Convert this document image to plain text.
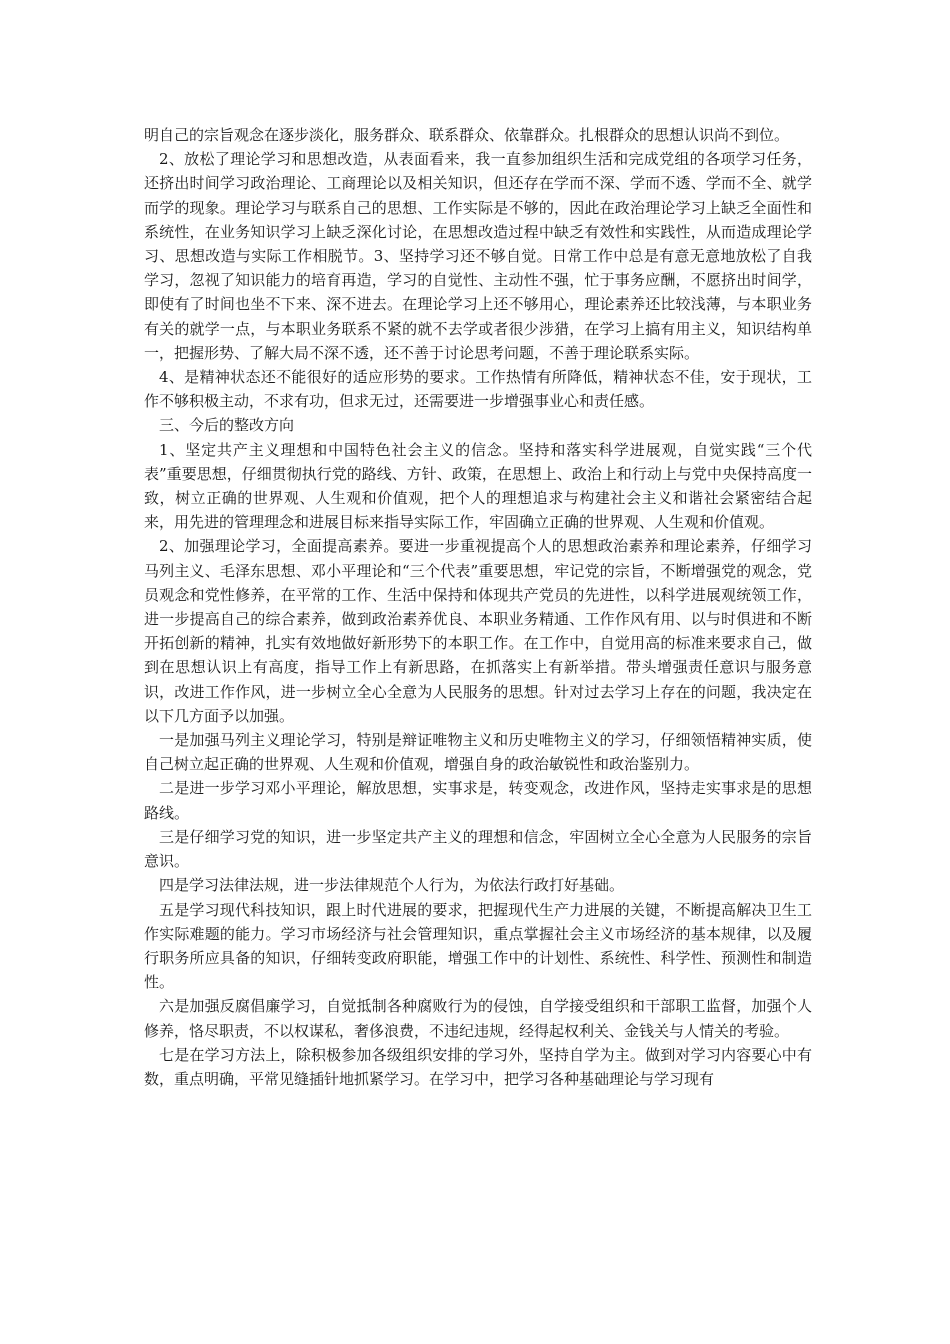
明自己的宗旨观念在逐步淡化，服务群众、联系群众、依靠群众。扎根群众的思想认识尚不到位。

2、放松了理论学习和思想改造，从表面看来，我一直参加组织生活和完成党组的各项学习任务，还挤出时间学习政治理论、工商理论以及相关知识，但还存在学而不深、学而不透、学而不全、就学而学的现象。理论学习与联系自己的思想、工作实际是不够的，因此在政治理论学习上缺乏全面性和系统性，在业务知识学习上缺乏深化讨论，在思想改造过程中缺乏有效性和实践性，从而造成理论学习、思想改造与实际工作相脱节。3、坚持学习还不够自觉。日常工作中总是有意无意地放松了自我学习，忽视了知识能力的培育再造，学习的自觉性、主动性不强，忙于事务应酬，不愿挤出时间学，即使有了时间也坐不下来、深不进去。在理论学习上还不够用心，理论素养还比较浅薄，与本职业务有关的就学一点，与本职业务联系不紧的就不去学或者很少涉猎，在学习上搞有用主义，知识结构单一，把握形势、了解大局不深不透，还不善于讨论思考问题，不善于理论联系实际。

4、是精神状态还不能很好的适应形势的要求。工作热情有所降低，精神状态不佳，安于现状，工作不够积极主动，不求有功，但求无过，还需要进一步增强事业心和责任感。

三、今后的整改方向

1、坚定共产主义理想和中国特色社会主义的信念。坚持和落实科学进展观，自觉实践“三个代表”重要思想，仔细贯彻执行党的路线、方针、政策，在思想上、政治上和行动上与党中央保持高度一致，树立正确的世界观、人生观和价值观，把个人的理想追求与构建社会主义和谐社会紧密结合起来，用先进的管理理念和进展目标来指导实际工作，牢固确立正确的世界观、人生观和价值观。

2、加强理论学习，全面提高素养。要进一步重视提高个人的思想政治素养和理论素养，仔细学习马列主义、毛泽东思想、邓小平理论和“三个代表”重要思想，牢记党的宗旨，不断增强党的观念，党员观念和党性修养，在平常的工作、生活中保持和体现共产党员的先进性，以科学进展观统领工作，进一步提高自己的综合素养，做到政治素养优良、本职业务精通、工作作风有用、以与时俱进和不断开拓创新的精神，扎实有效地做好新形势下的本职工作。在工作中，自觉用高的标准来要求自己，做到在思想认识上有高度，指导工作上有新思路，在抓落实上有新举措。带头增强责任意识与服务意识，改进工作作风，进一步树立全心全意为人民服务的思想。针对过去学习上存在的问题，我决定在以下几方面予以加强。

一是加强马列主义理论学习，特别是辩证唯物主义和历史唯物主义的学习，仔细领悟精神实质，使自己树立起正确的世界观、人生观和价值观，增强自身的政治敏锐性和政治鉴别力。

二是进一步学习邓小平理论，解放思想，实事求是，转变观念，改进作风，坚持走实事求是的思想路线。

三是仔细学习党的知识，进一步坚定共产主义的理想和信念，牢固树立全心全意为人民服务的宗旨意识。

四是学习法律法规，进一步法律规范个人行为，为依法行政打好基础。

五是学习现代科技知识，跟上时代进展的要求，把握现代生产力进展的关键，不断提高解决卫生工作实际难题的能力。学习市场经济与社会管理知识，重点掌握社会主义市场经济的基本规律，以及履行职务所应具备的知识，仔细转变政府职能，增强工作中的计划性、系统性、科学性、预测性和制造性。

六是加强反腐倡廉学习，自觉抵制各种腐败行为的侵蚀，自学接受组织和干部职工监督，加强个人修养，恪尽职责，不以权谋私，奢侈浪费，不违纪违规，经得起权利关、金钱关与人情关的考验。

七是在学习方法上，除积极参加各级组织安排的学习外，坚持自学为主。做到对学习内容要心中有数，重点明确，平常见缝插针地抓紧学习。在学习中，把学习各种基础理论与学习现有
